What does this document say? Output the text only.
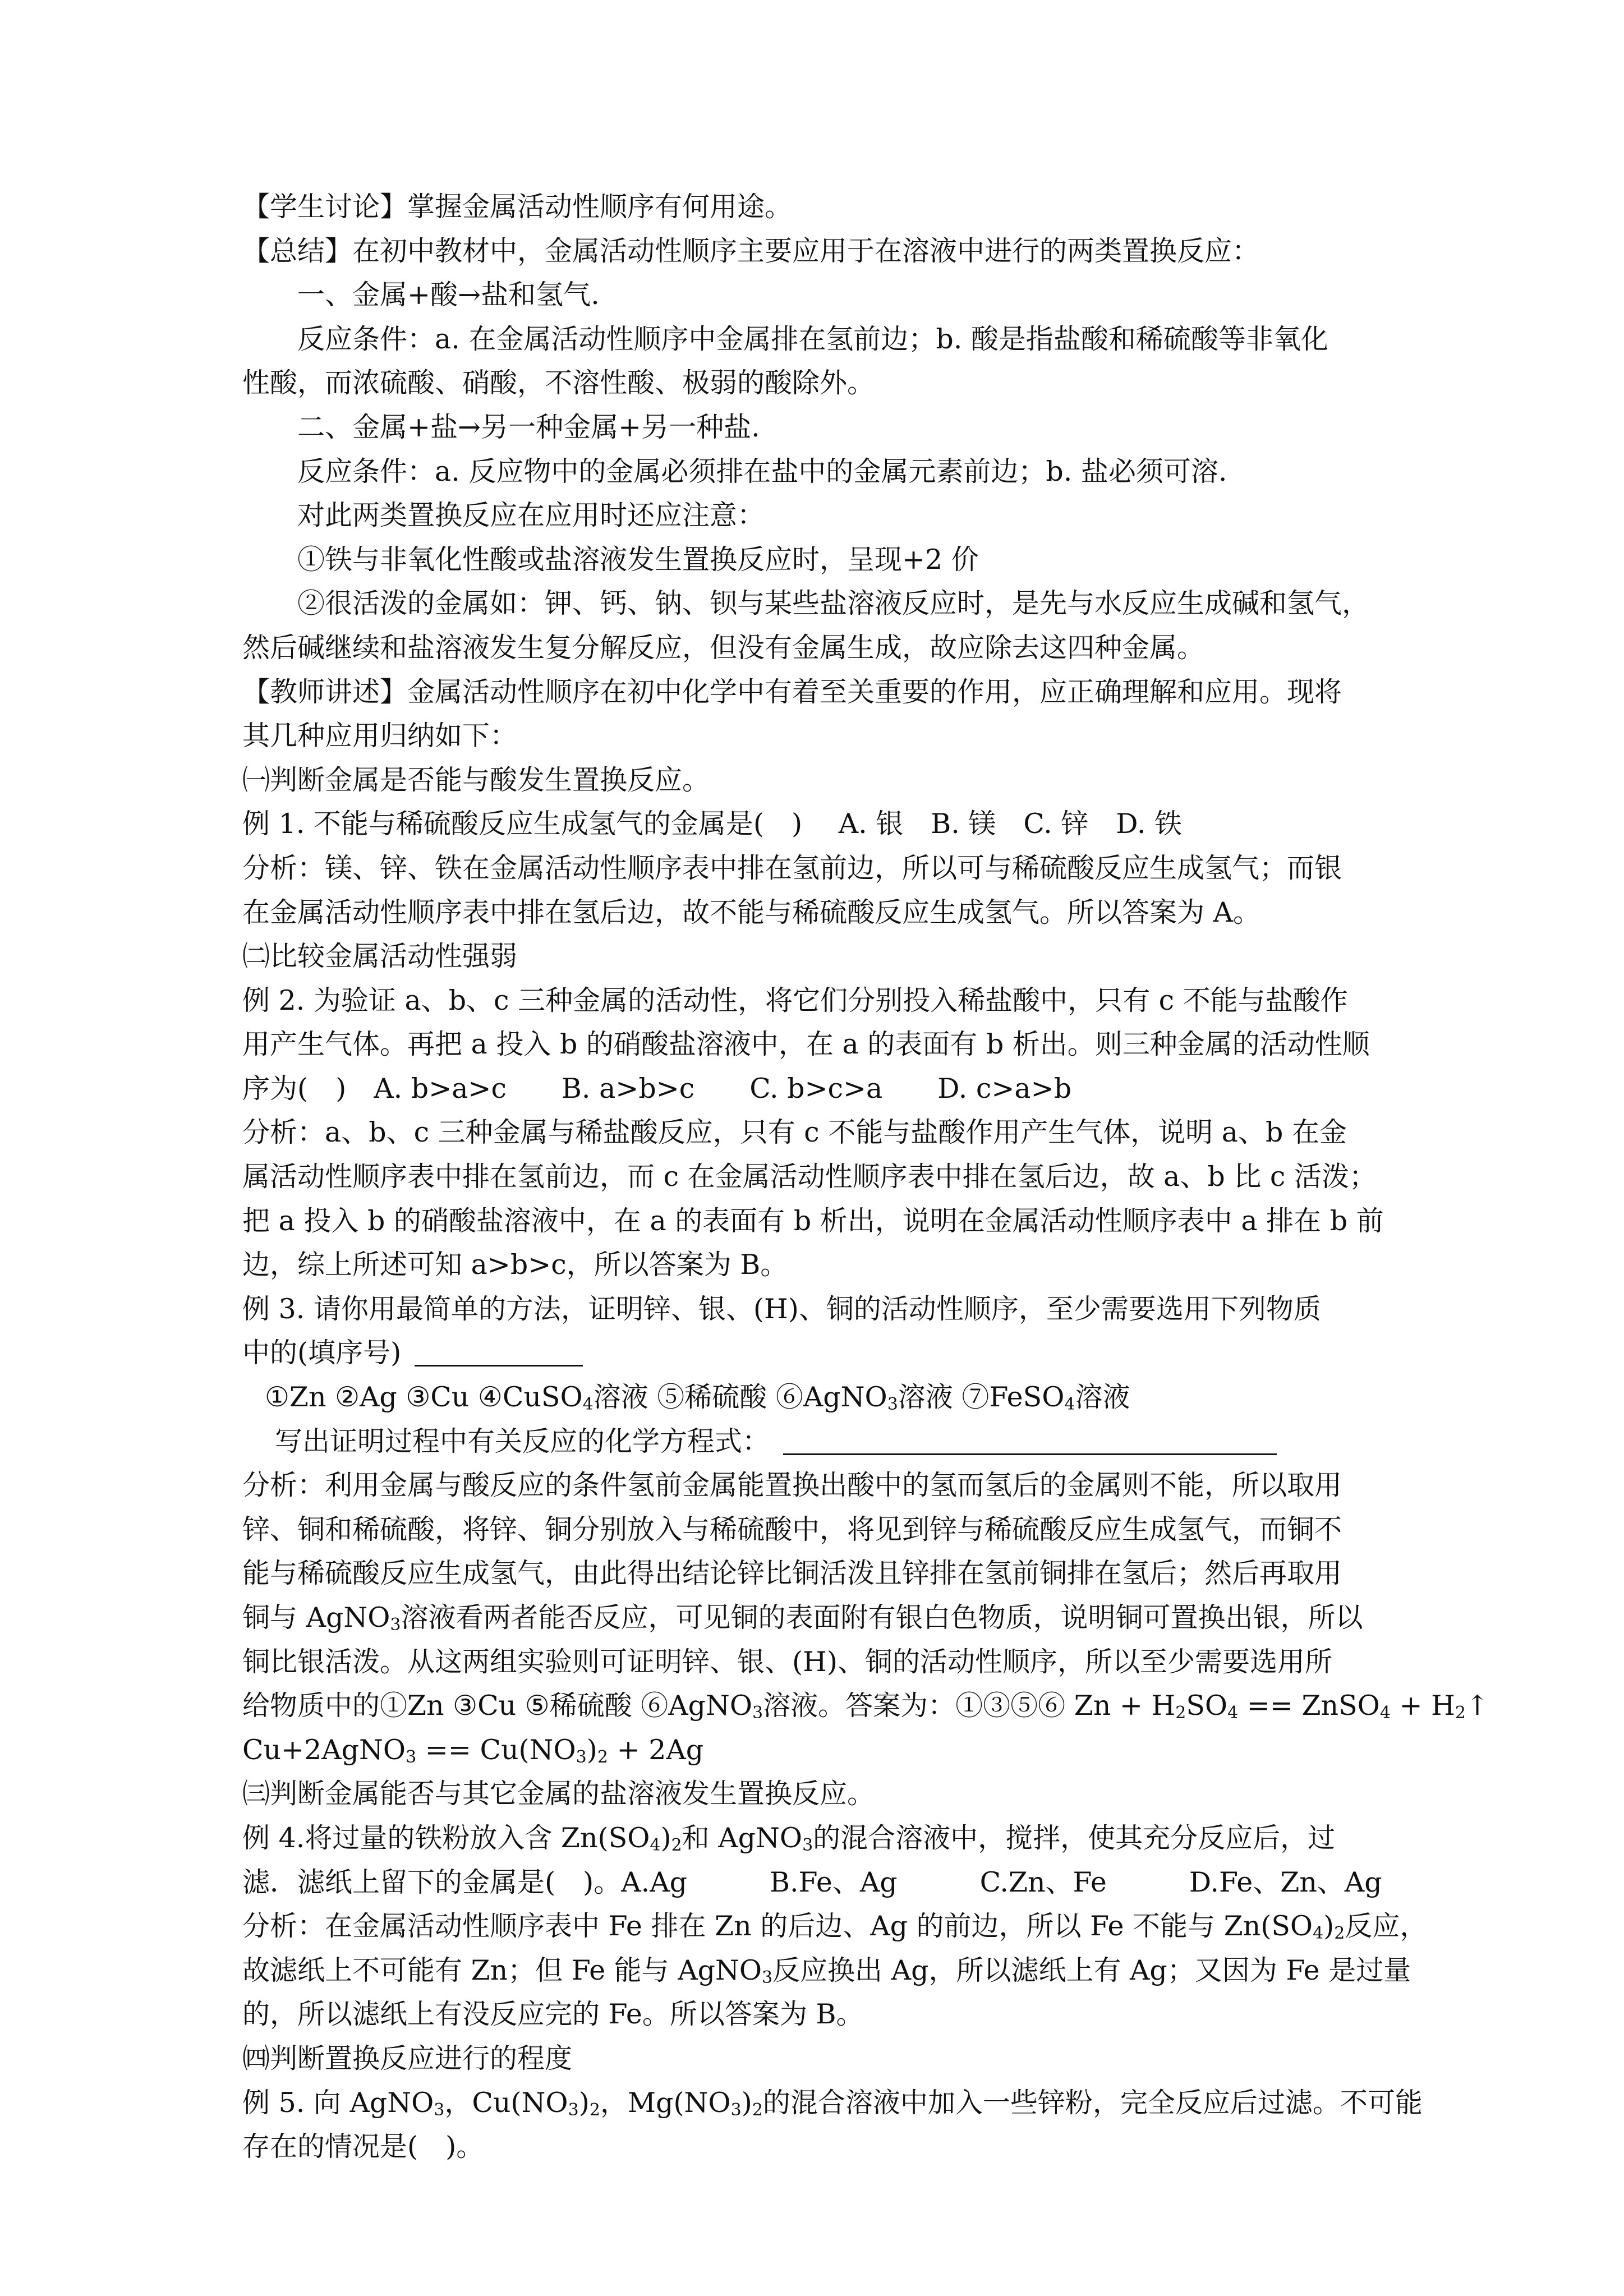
【学生讨论】掌握金属活动性顺序有何用途。
【总结】在初中教材中，金属活动性顺序主要应用于在溶液中进行的两类置换反应：
一、金属+酸→盐和氢气.
反应条件：a. 在金属活动性顺序中金属排在氢前边；b. 酸是指盐酸和稀硫酸等非氧化
性酸，而浓硫酸、硝酸，不溶性酸、极弱的酸除外。
二、金属+盐→另一种金属+另一种盐.
反应条件：a. 反应物中的金属必须排在盐中的金属元素前边；b. 盐必须可溶.
对此两类置换反应在应用时还应注意：
①铁与非氧化性酸或盐溶液发生置换反应时，呈现+2 价
②很活泼的金属如：钾、钙、钠、钡与某些盐溶液反应时，是先与水反应生成碱和氢气，
然后碱继续和盐溶液发生复分解反应，但没有金属生成，故应除去这四种金属。
【教师讲述】金属活动性顺序在初中化学中有着至关重要的作用，应正确理解和应用。现将
其几种应用归纳如下：
㈠判断金属是否能与酸发生置换反应。
例 1. 不能与稀硫酸反应生成氢气的金属是(　)　 A. 银　B. 镁　C. 锌　D. 铁
分析：镁、锌、铁在金属活动性顺序表中排在氢前边，所以可与稀硫酸反应生成氢气；而银
在金属活动性顺序表中排在氢后边，故不能与稀硫酸反应生成氢气。所以答案为 A。
㈡比较金属活动性强弱
例 2. 为验证 a、b、c 三种金属的活动性，将它们分别投入稀盐酸中，只有 c 不能与盐酸作
用产生气体。再把 a 投入 b 的硝酸盐溶液中，在 a 的表面有 b 析出。则三种金属的活动性顺
序为(　)　A. b>a>c　　B. a>b>c　　C. b>c>a　　D. c>a>b
分析：a、b、c 三种金属与稀盐酸反应，只有 c 不能与盐酸作用产生气体，说明 a、b 在金
属活动性顺序表中排在氢前边，而 c 在金属活动性顺序表中排在氢后边，故 a、b 比 c 活泼；
把 a 投入 b 的硝酸盐溶液中，在 a 的表面有 b 析出，说明在金属活动性顺序表中 a 排在 b 前
边，综上所述可知 a>b>c，所以答案为 B。
例 3. 请你用最简单的方法，证明锌、银、(H)、铜的活动性顺序，至少需要选用下列物质
中的(填序号)
①Zn ②Ag ③Cu ④CuSO$_4$溶液 ⑤稀硫酸 ⑥AgNO$_3$溶液 ⑦FeSO$_4$溶液
写出证明过程中有关反应的化学方程式：
分析：利用金属与酸反应的条件氢前金属能置换出酸中的氢而氢后的金属则不能，所以取用
锌、铜和稀硫酸，将锌、铜分别放入与稀硫酸中，将见到锌与稀硫酸反应生成氢气，而铜不
能与稀硫酸反应生成氢气，由此得出结论锌比铜活泼且锌排在氢前铜排在氢后；然后再取用
铜与 AgNO$_3$溶液看两者能否反应，可见铜的表面附有银白色物质，说明铜可置换出银，所以
铜比银活泼。从这两组实验则可证明锌、银、(H)、铜的活动性顺序，所以至少需要选用所
给物质中的①Zn ③Cu ⑤稀硫酸 ⑥AgNO$_3$溶液。答案为：①③⑤⑥ $Zn + H_2SO_4$ == ZnSO$_4$ + $H_2↑$
Cu+2AgNO$_3$ == $Cu(NO_3)_2 + 2Ag$
㈢判断金属能否与其它金属的盐溶液发生置换反应。
例 4.将过量的铁粉放入含 $Zn(SO_4)_2$和 AgNO$_3$的混合溶液中，搅拌，使其充分反应后，过
滤．滤纸上留下的金属是(　)。A.Ag　　　B.Fe、Ag　　　C.Zn、Fe　　　D.Fe、Zn、Ag
分析：在金属活动性顺序表中 Fe 排在 Zn 的后边、Ag 的前边，所以 Fe 不能与 $Zn(SO_4)_2$反应，
故滤纸上不可能有 Zn；但 Fe 能与 AgNO$_3$反应换出 Ag，所以滤纸上有 Ag；又因为 Fe 是过量
的，所以滤纸上有没反应完的 Fe。所以答案为 B。
㈣判断置换反应进行的程度
例 5. 向 AgNO$_3$，$Cu(NO_3)_2$，$Mg(NO_3)_2$的混合溶液中加入一些锌粉，完全反应后过滤。不可能
存在的情况是(　)。
